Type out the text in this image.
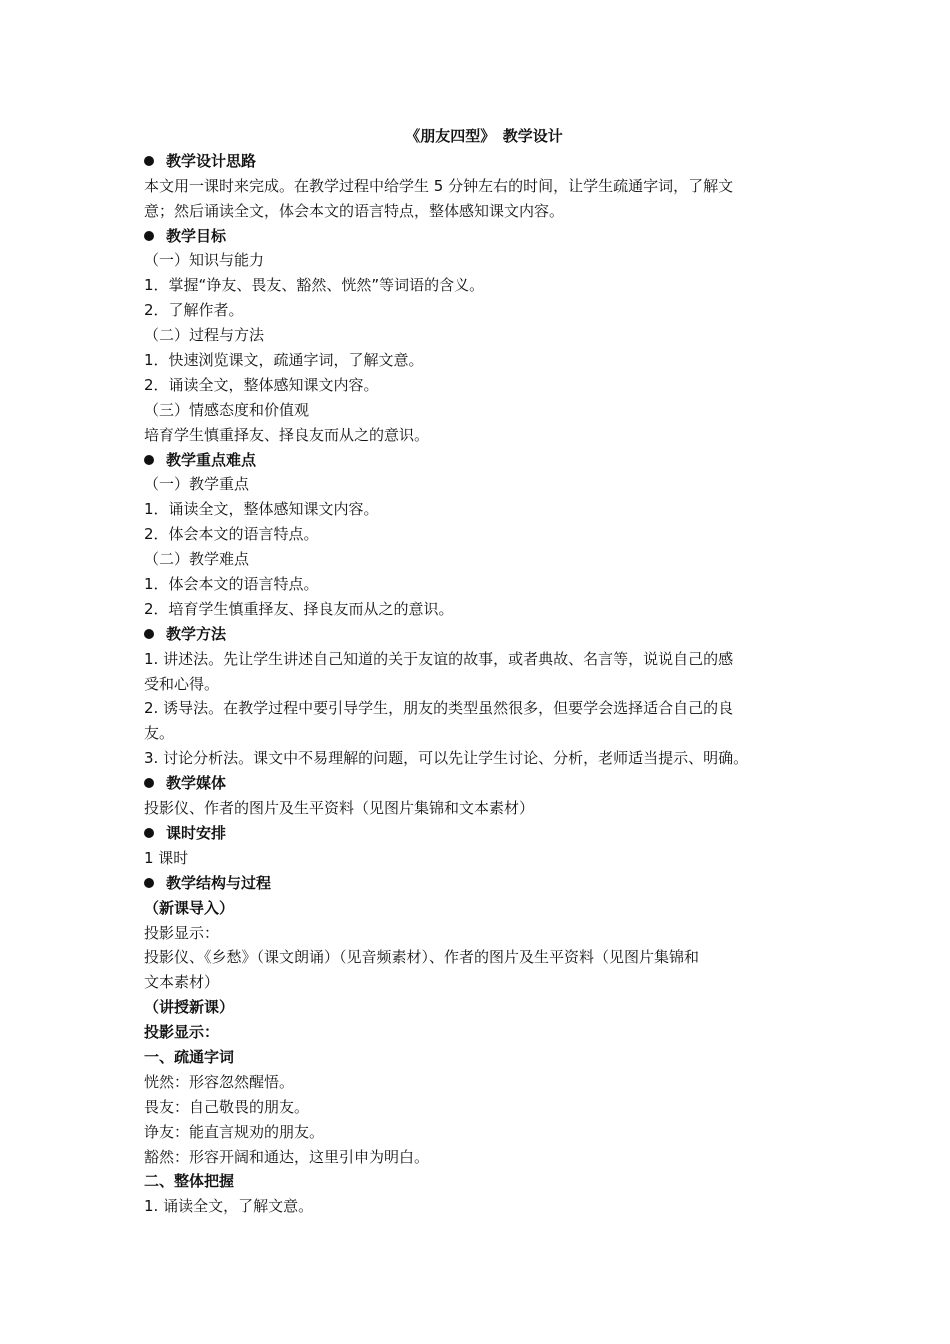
《朋友四型》　教学设计
教学设计思路
本文用一课时来完成。在教学过程中给学生 5 分钟左右的时间，让学生疏通字词，了解文
意；然后诵读全文，体会本文的语言特点，整体感知课文内容。
教学目标
（一）知识与能力
1．掌握“诤友、畏友、豁然、恍然”等词语的含义。
2．了解作者。
（二）过程与方法
1．快速浏览课文，疏通字词，了解文意。
2．诵读全文，整体感知课文内容。
（三）情感态度和价值观
培育学生慎重择友、择良友而从之的意识。
教学重点难点
（一）教学重点
1．诵读全文，整体感知课文内容。
2．体会本文的语言特点。
（二）教学难点
1．体会本文的语言特点。
2．培育学生慎重择友、择良友而从之的意识。
教学方法
1. 讲述法。先让学生讲述自己知道的关于友谊的故事，或者典故、名言等，说说自己的感
受和心得。
2. 诱导法。在教学过程中要引导学生，朋友的类型虽然很多，但要学会选择适合自己的良
友。
3. 讨论分析法。课文中不易理解的问题，可以先让学生讨论、分析，老师适当提示、明确。
教学媒体
投影仪、作者的图片及生平资料（见图片集锦和文本素材）
课时安排
1 课时
教学结构与过程
（新课导入）
投影显示：
投影仪、《乡愁》（课文朗诵）（见音频素材）、作者的图片及生平资料（见图片集锦和
文本素材）
（讲授新课）
投影显示：
一、疏通字词
恍然：形容忽然醒悟。
畏友：自己敬畏的朋友。
诤友：能直言规劝的朋友。
豁然：形容开阔和通达，这里引申为明白。
二、整体把握
1. 诵读全文，了解文意。
